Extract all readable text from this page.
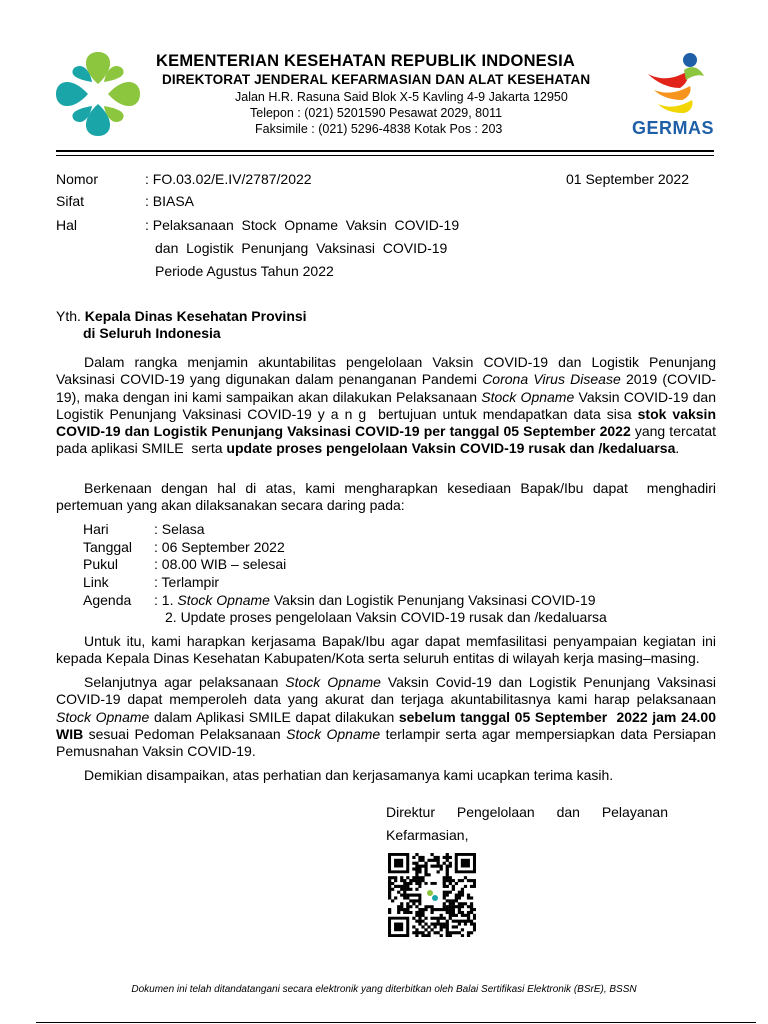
KEMENTERIAN KESEHATAN REPUBLIK INDONESIA
DIREKTORAT JENDERAL KEFARMASIAN DAN ALAT KESEHATAN
Jalan H.R. Rasuna Said Blok X-5 Kavling 4-9 Jakarta 12950
Telepon : (021) 5201590 Pesawat 2029, 8011
Faksimile : (021) 5296-4838 Kotak Pos : 203	GERMAS
Nomor	: FO.03.02/E.IV/2787/2022	01 September 2022
Sifat	: BIASA
Hal	: Pelaksanaan  Stock  Opname  Vaksin  COVID-19
dan  Logistik  Penunjang  Vaksinasi  COVID-19
Periode Agustus Tahun 2022
Yth. Kepala Dinas Kesehatan Provinsi
di Seluruh Indonesia
Dalam rangka menjamin akuntabilitas pengelolaan Vaksin COVID-19 dan Logistik Penunjang Vaksinasi COVID-19 yang digunakan dalam penanganan Pandemi Corona Virus Disease 2019 (COVID-19), maka dengan ini kami sampaikan akan dilakukan Pelaksanaan Stock Opname Vaksin COVID-19 dan Logistik Penunjang Vaksinasi COVID-19 y a n g  bertujuan untuk mendapatkan data sisa stok vaksin COVID-19 dan Logistik Penunjang Vaksinasi COVID-19 per tanggal 05 September 2022 yang tercatat pada aplikasi SMILE  serta update proses pengelolaan Vaksin COVID-19 rusak dan /kedaluarsa.
Berkenaan dengan hal di atas, kami mengharapkan kesediaan Bapak/Ibu dapat  menghadiri pertemuan yang akan dilaksanakan secara daring pada:
Hari	: Selasa
Tanggal : 06 September 2022
Pukul	: 08.00 WIB – selesai
Link	: Terlampir
Agenda : 1. Stock Opname Vaksin dan Logistik Penunjang Vaksinasi COVID-19
2. Update proses pengelolaan Vaksin COVID-19 rusak dan /kedaluarsa
Untuk itu, kami harapkan kerjasama Bapak/Ibu agar dapat memfasilitasi penyampaian kegiatan ini kepada Kepala Dinas Kesehatan Kabupaten/Kota serta seluruh entitas di wilayah kerja masing–masing.
Selanjutnya agar pelaksanaan Stock Opname Vaksin Covid-19 dan Logistik Penunjang Vaksinasi COVID-19 dapat memperoleh data yang akurat dan terjaga akuntabilitasnya kami harap pelaksanaan Stock Opname dalam Aplikasi SMILE dapat dilakukan sebelum tanggal 05 September  2022 jam 24.00 WIB sesuai Pedoman Pelaksanaan Stock Opname terlampir serta agar mempersiapkan data Persiapan Pemusnahan Vaksin COVID-19.
Demikian disampaikan, atas perhatian dan kerjasamanya kami ucapkan terima kasih.
Direktur Pengelolaan dan Pelayanan
Kefarmasian,
Dokumen ini telah ditandatangani secara elektronik yang diterbitkan oleh Balai Sertifikasi Elektronik (BSrE), BSSN
